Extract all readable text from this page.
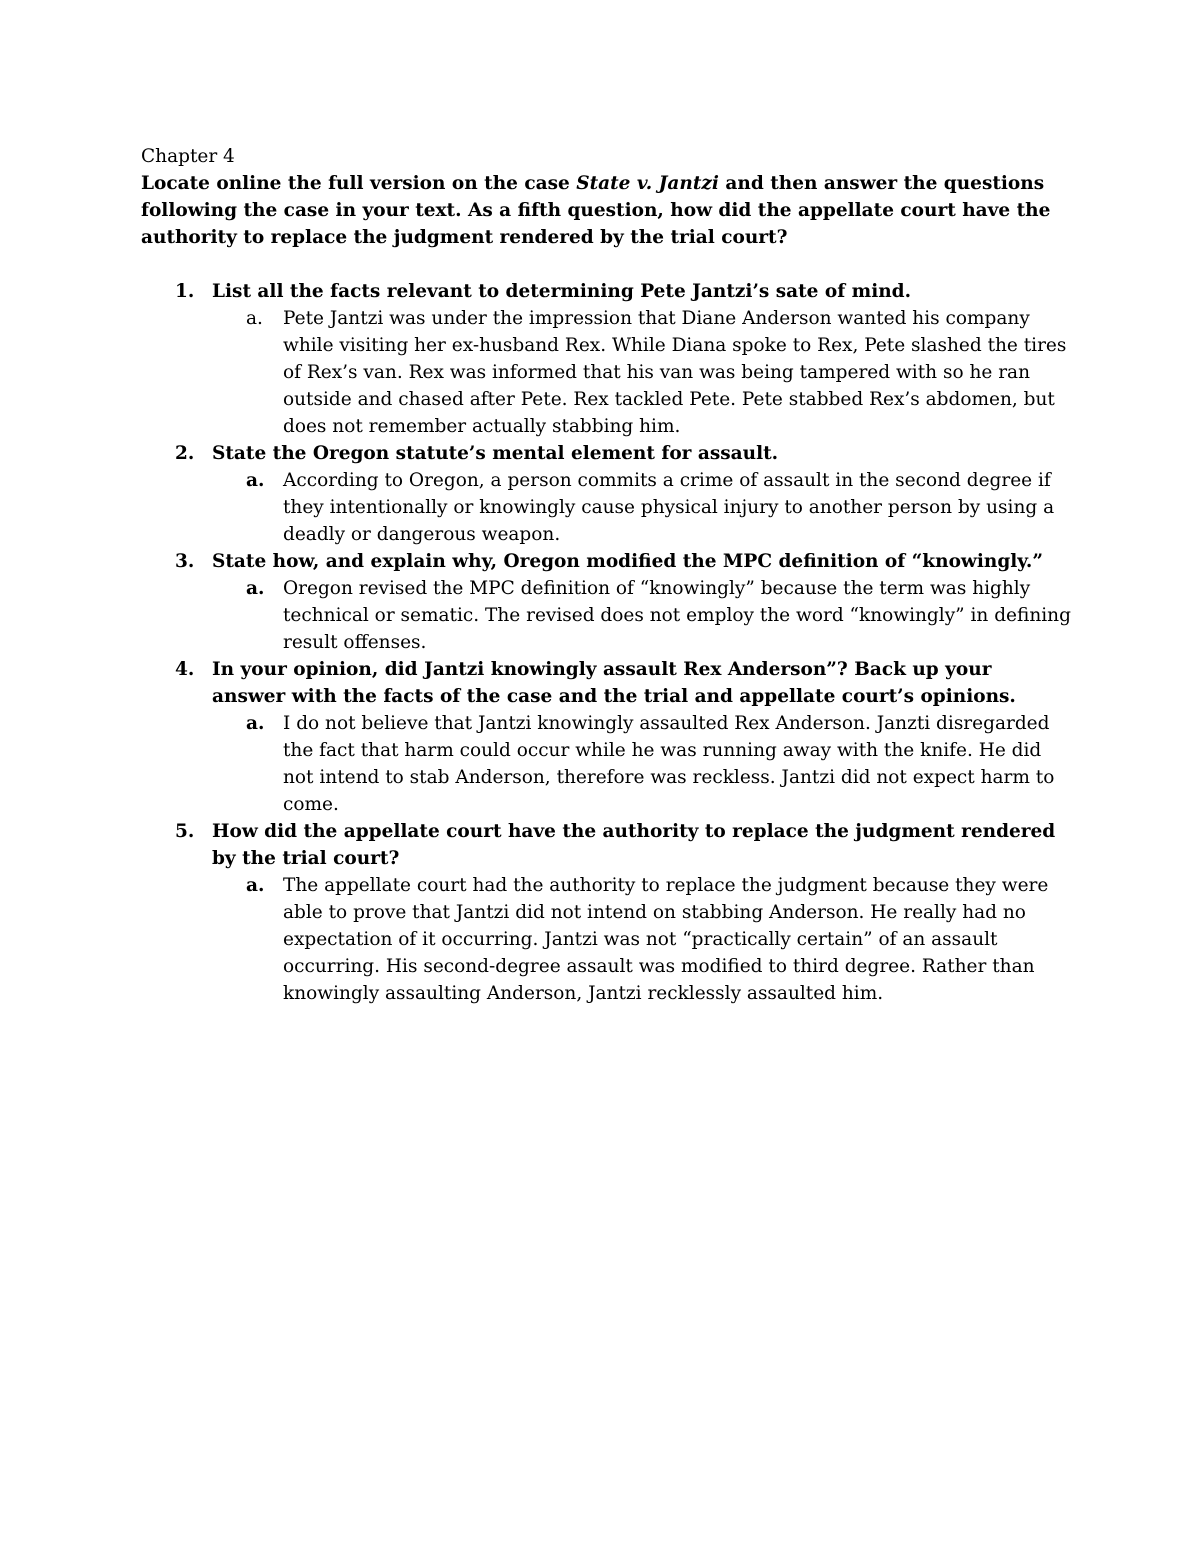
Chapter 4

Locate online the full version on the case State v. Jantzi and then answer the questions following the case in your text. As a fifth question, how did the appellate court have the authority to replace the judgment rendered by the trial court?

1. List all the facts relevant to determining Pete Jantzi’s sate of mind.
a. Pete Jantzi was under the impression that Diane Anderson wanted his company while visiting her ex-husband Rex. While Diana spoke to Rex, Pete slashed the tires of Rex’s van. Rex was informed that his van was being tampered with so he ran outside and chased after Pete. Rex tackled Pete. Pete stabbed Rex’s abdomen, but does not remember actually stabbing him.
2. State the Oregon statute’s mental element for assault.
a. According to Oregon, a person commits a crime of assault in the second degree if they intentionally or knowingly cause physical injury to another person by using a deadly or dangerous weapon.
3. State how, and explain why, Oregon modified the MPC definition of “knowingly.”
a. Oregon revised the MPC definition of “knowingly” because the term was highly technical or sematic. The revised does not employ the word “knowingly” in defining result offenses.
4. In your opinion, did Jantzi knowingly assault Rex Anderson”? Back up your answer with the facts of the case and the trial and appellate court’s opinions.
a. I do not believe that Jantzi knowingly assaulted Rex Anderson. Janzti disregarded the fact that harm could occur while he was running away with the knife. He did not intend to stab Anderson, therefore was reckless. Jantzi did not expect harm to come.
5. How did the appellate court have the authority to replace the judgment rendered by the trial court?
a. The appellate court had the authority to replace the judgment because they were able to prove that Jantzi did not intend on stabbing Anderson. He really had no expectation of it occurring. Jantzi was not “practically certain” of an assault occurring. His second-degree assault was modified to third degree. Rather than knowingly assaulting Anderson, Jantzi recklessly assaulted him.
